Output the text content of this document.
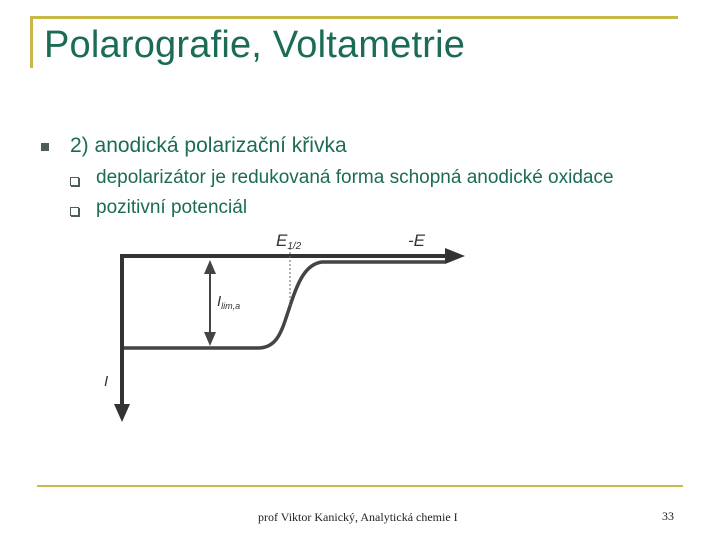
Polarografie, Voltametrie
2) anodická polarizační křivka
depolarizátor je redukovaná forma schopná anodické oxidace
pozitivní potenciál
E1/2	-E
$I_{lim,a}$
I
prof Viktor Kanický, Analytická chemie I	33
